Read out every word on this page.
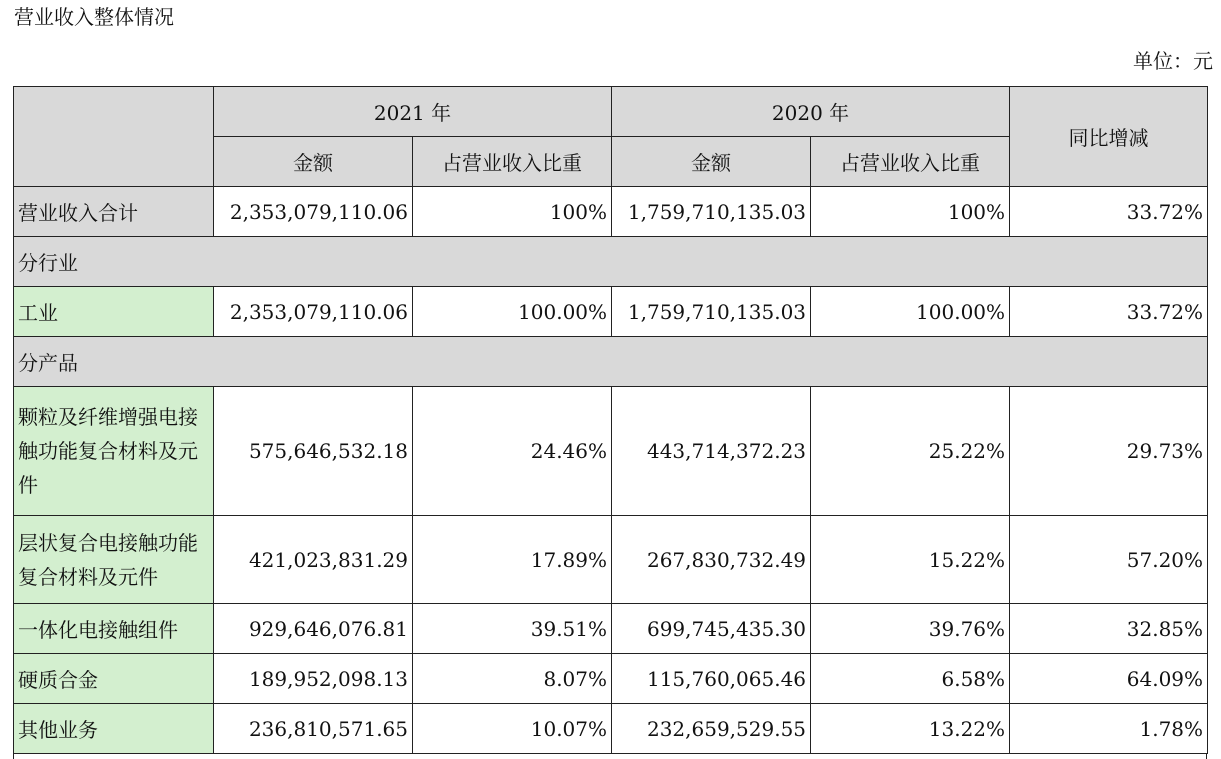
营业收入整体情况
单位：元
	2021 年		2020 年		同比增减
	金额	占营业收入比重	金额	占营业收入比重	
营业收入合计	2,353,079,110.06	100%	1,759,710,135.03	100%	33.72%
分行业					
工业	2,353,079,110.06	100.00%	1,759,710,135.03	100.00%	33.72%
分产品					
颗粒及纤维增强电接触功能复合材料及元件	575,646,532.18	24.46%	443,714,372.23	25.22%	29.73%
层状复合电接触功能复合材料及元件	421,023,831.29	17.89%	267,830,732.49	15.22%	57.20%
一体化电接触组件	929,646,076.81	39.51%	699,745,435.30	39.76%	32.85%
硬质合金	189,952,098.13	8.07%	115,760,065.46	6.58%	64.09%
其他业务	236,810,571.65	10.07%	232,659,529.55	13.22%	1.78%
